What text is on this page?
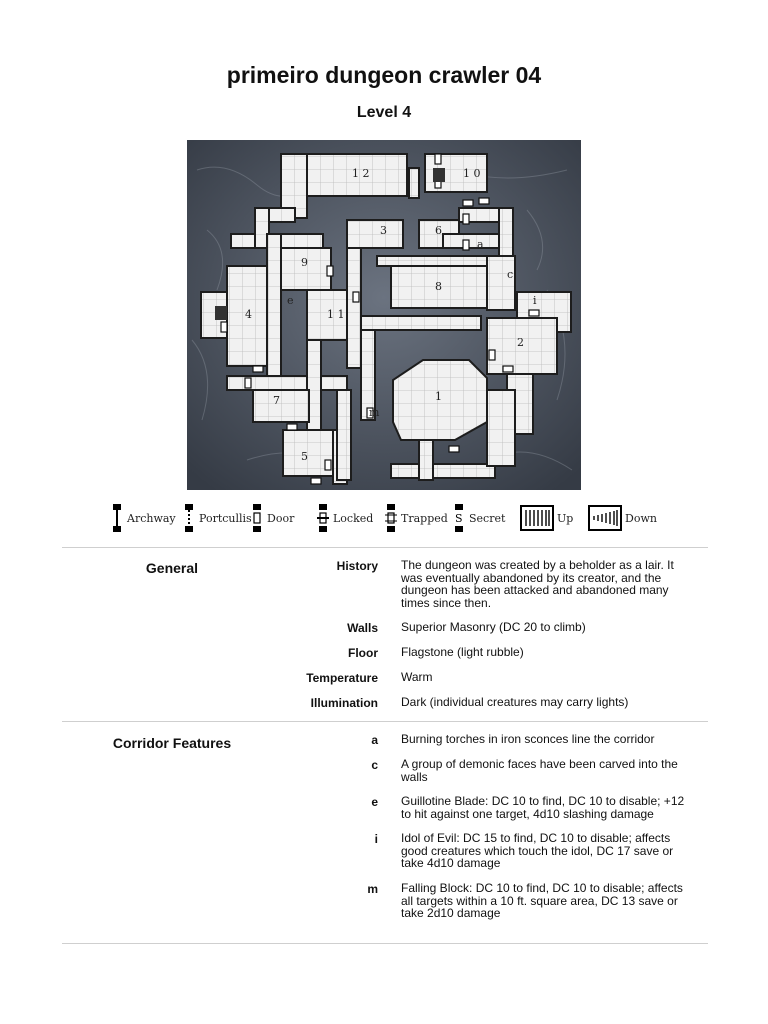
primeiro dungeon crawler 04
Level 4
1 2	1 0
3	6
a
9
c
8
e	i
4	1 1
2
1
7
m
5
Archway Portcullis Door	Locked	Trapped S Secret	Up	Down
General	History The dungeon was created by a beholder as a lair. It was eventually abandoned by its creator, and the dungeon has been attacked and abandoned many times since then.
Walls Superior Masonry (DC 20 to climb)
Floor Flagstone (light rubble)
Temperature Warm
Illumination Dark (individual creatures may carry lights)
Corridor Features	a Burning torches in iron sconces line the corridor
c A group of demonic faces have been carved into the walls
e Guillotine Blade: DC 10 to find, DC 10 to disable; +12 to hit against one target, 4d10 slashing damage
i Idol of Evil: DC 15 to find, DC 10 to disable; affects good creatures which touch the idol, DC 17 save or take 4d10 damage
m Falling Block: DC 10 to find, DC 10 to disable; affects all targets within a 10 ft. square area, DC 13 save or take 2d10 damage
